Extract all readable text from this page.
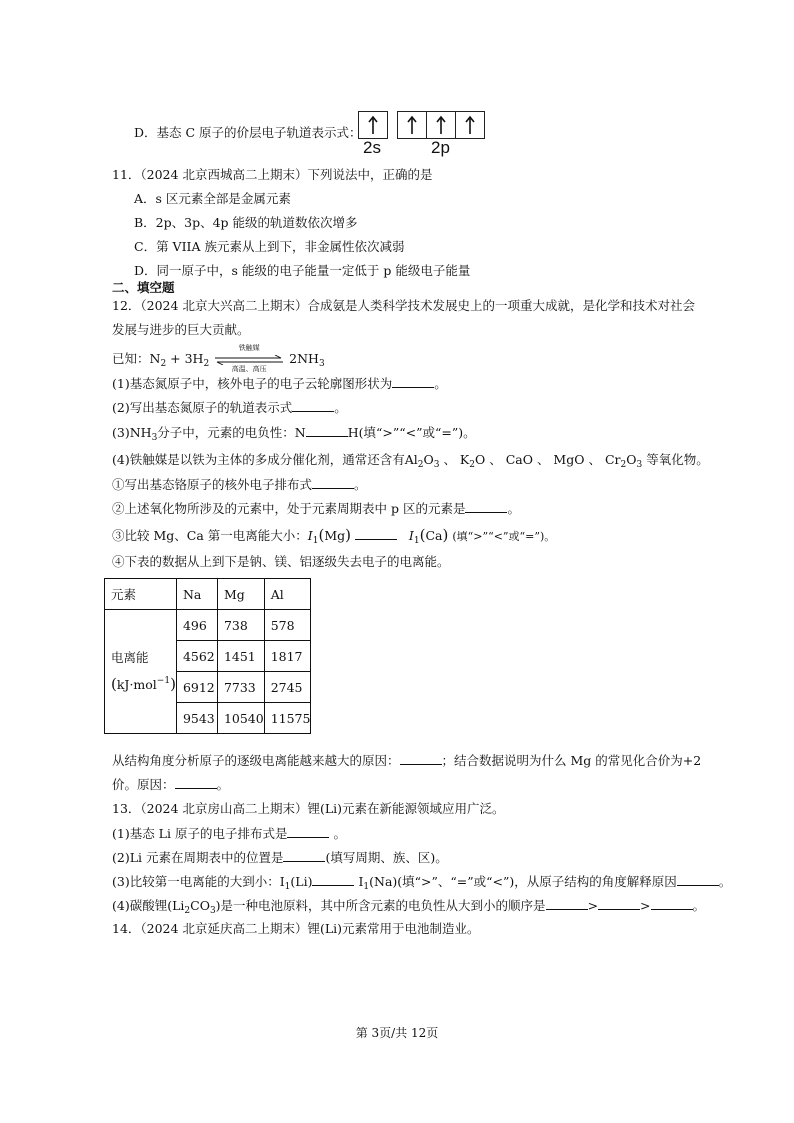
D．基态 C 原子的价层电子轨道表示式：
2s	2p
11．（2024 北京西城高二上期末）下列说法中，正确的是
A．s 区元素全部是金属元素
B．2p、3p、4p 能级的轨道数依次增多
C．第 VIIA 族元素从上到下，非金属性依次减弱
D．同一原子中，s 能级的电子能量一定低于 p 能级电子能量
二、填空题
12．（2024 北京大兴高二上期末）合成氨是人类科学技术发展史上的一项重大成就，是化学和技术对社会
发展与进步的巨大贡献。
已知：$N_2 + 3H_2$
铁触媒
高温、高压
$2NH_3$
(1)基态氮原子中，核外电子的电子云轮廓图形状为	。
(2)写出基态氮原子的轨道表示式	。
$(3)NH_3$分子中，元素的电负性：N	H(填“>”“<”或“=”)。
(4)铁触媒是以铁为主体的多成分催化剂，通常还含有$Al_2O_3$ 、 $K_2O$ 、 CaO 、 MgO 、 $Cr_2O_3$ 等氧化物。
①写出基态铬原子的核外电子排布式	。
②上述氧化物所涉及的元素中，处于元素周期表中 p 区的元素是	。
③比较 Mg、Ca 第一电离能大小：$I_1(Mg)$	$I_1(Ca)$ (填“>”“<”或“=”)。
④下表的数据从上到下是钠、镁、铝逐级失去电子的电离能。
元素	Na	Mg	Al

电离能
(kJ·mol$^{-1}$)	496	738	578
	4562	1451	1817
	6912	7733	2745
	9543	10540	11575
从结构角度分析原子的逐级电离能越来越大的原因：	；结合数据说明为什么 Mg 的常见化合价为+2
价。原因：	。
13．（2024 北京房山高二上期末）锂(Li)元素在新能源领域应用广泛。
(1)基态 Li 原子的电子排布式是	。
(2)Li 元素在周期表中的位置是	(填写周期、族、区)。
(3)比较第一电离能的大到小：$I_1(Li)$	$I_1(Na)$(填“>”、“=”或“<”)，从原子结构的角度解释原因	。
(4)碳酸锂$(Li_2CO_3)$是一种电池原料，其中所含元素的电负性从大到小的顺序是	>	>	。
14．（2024 北京延庆高二上期末）锂(Li)元素常用于电池制造业。
第 3页/共 12页
